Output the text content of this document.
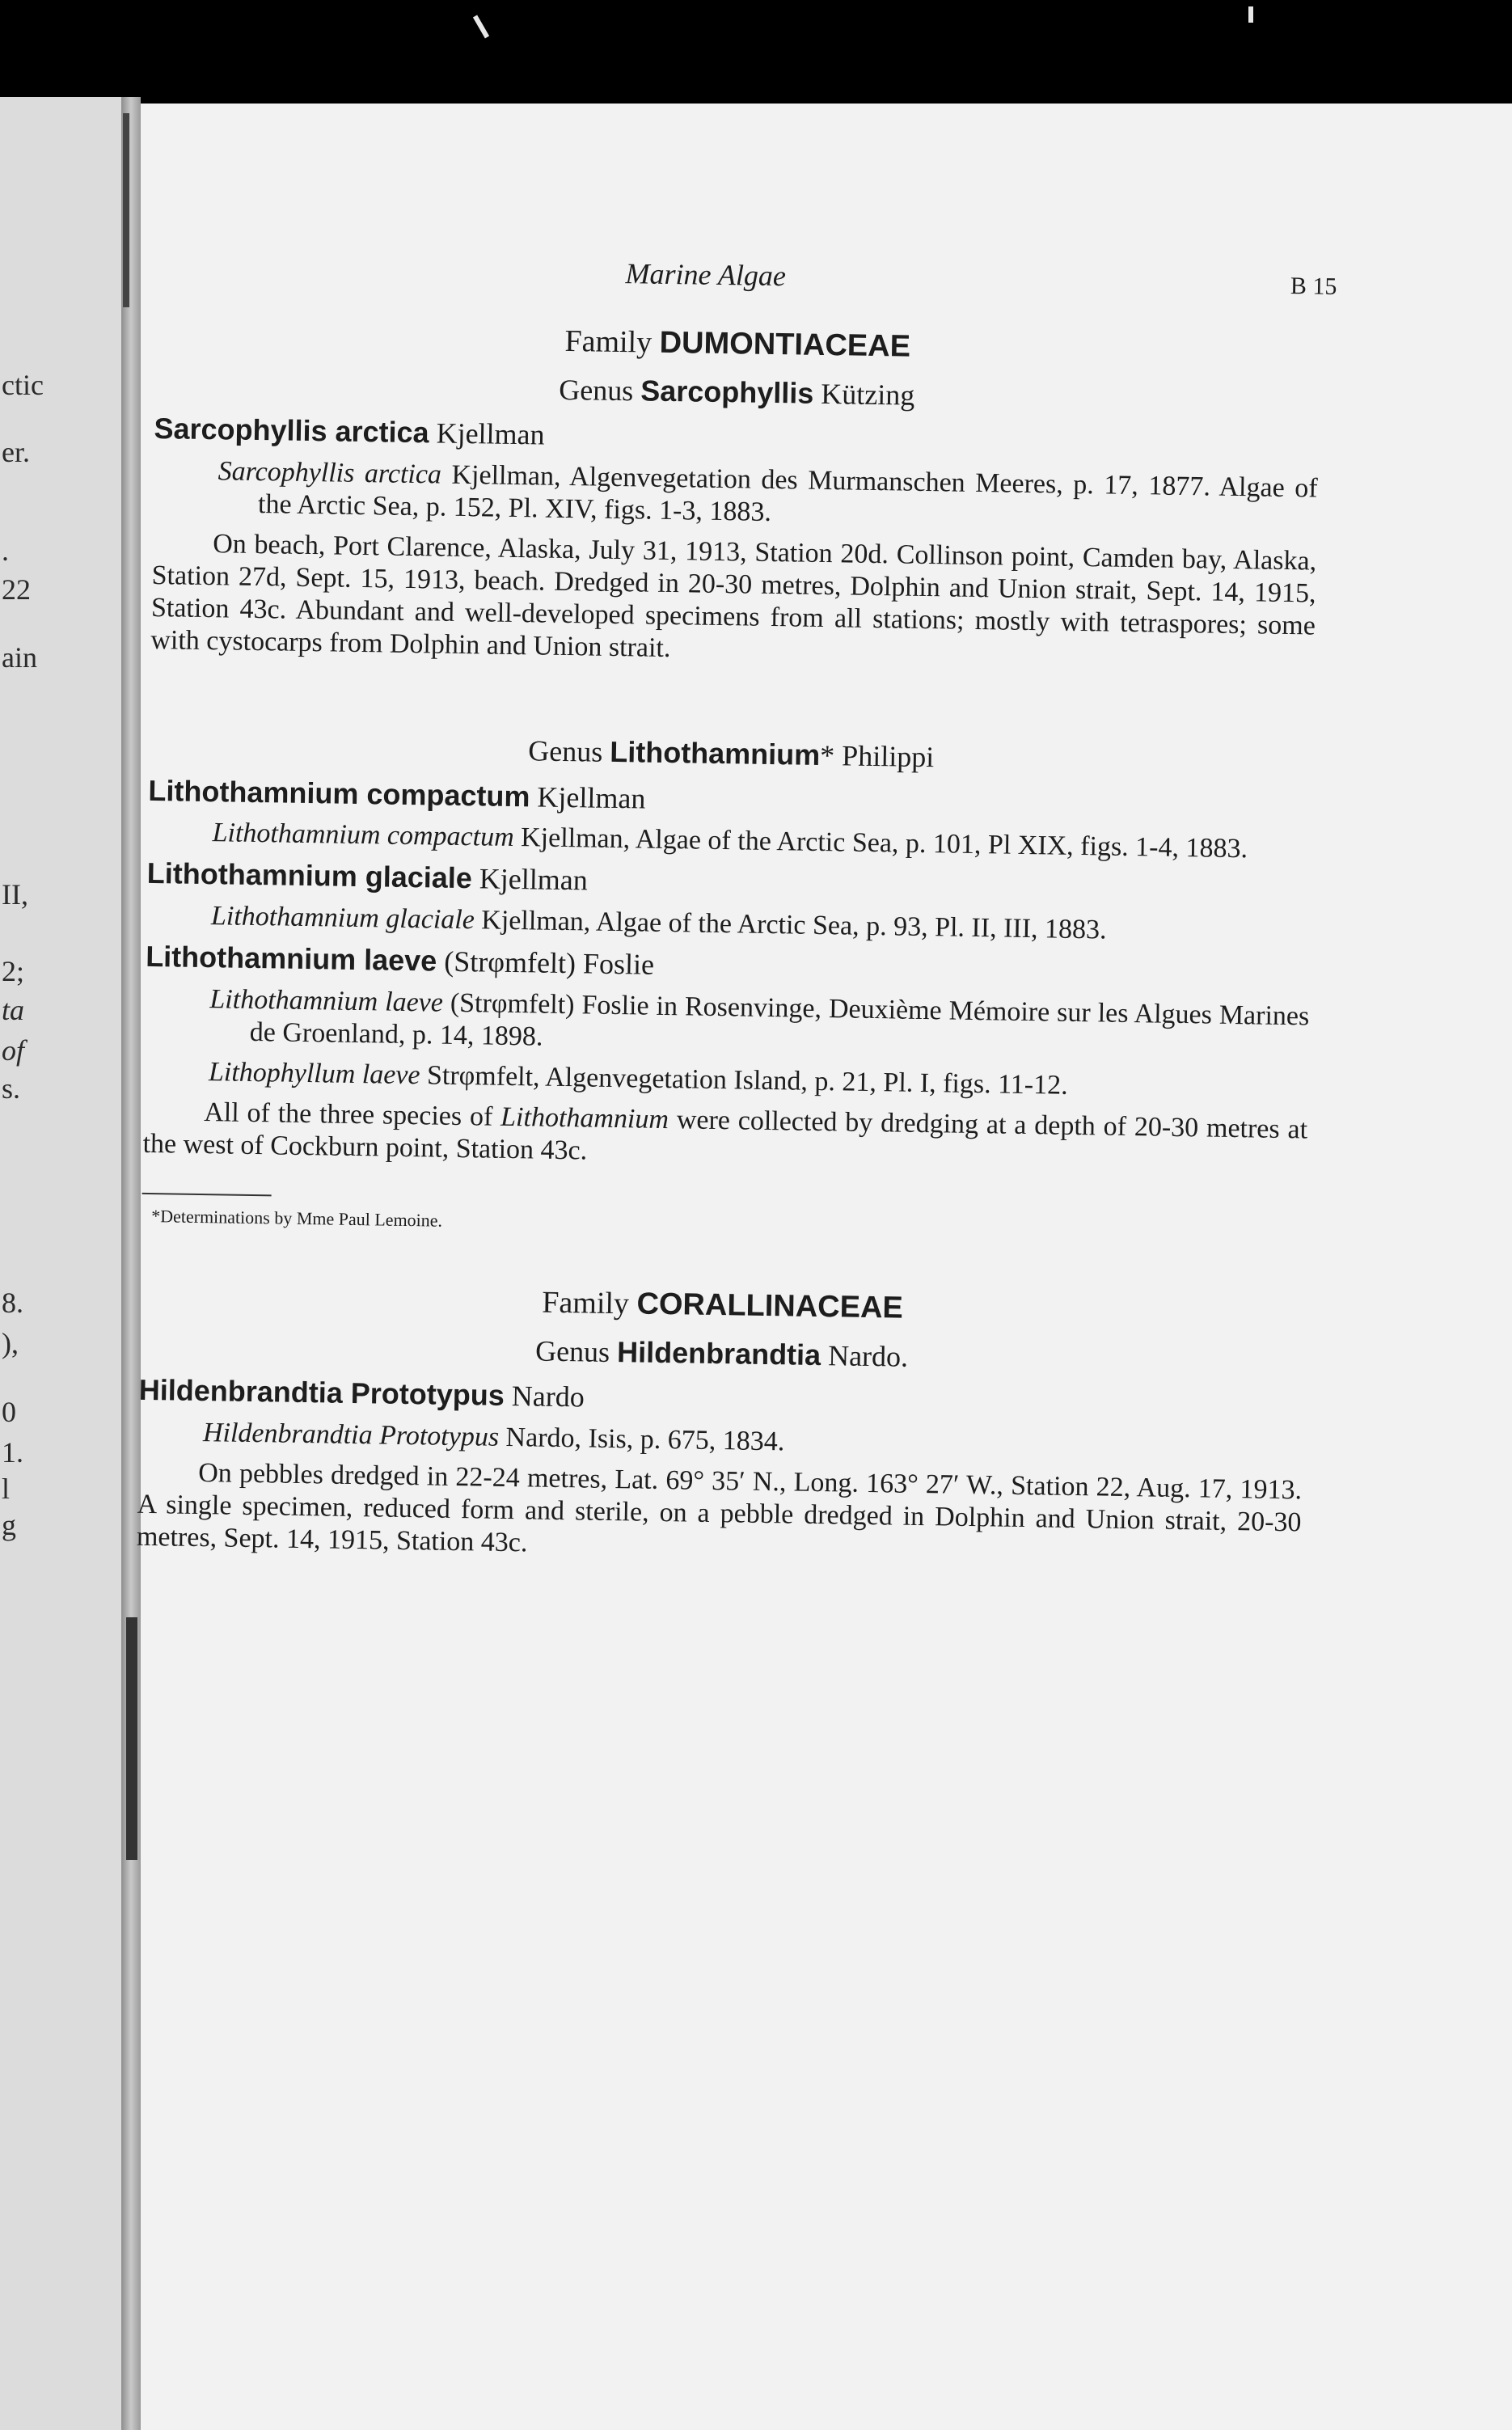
ctic
er.
.
22
ain
II,
2;
ta
of
s.
8.
),
0
1.
l
g
Marine Algae	B 15
Family DUMONTIACEAE
Genus Sarcophyllis Kützing
Sarcophyllis arctica Kjellman
Sarcophyllis arctica Kjellman, Algenvegetation des Murmanschen Meeres, p. 17, 1877. Algae of the Arctic Sea, p. 152, Pl. XIV, figs. 1-3, 1883.
On beach, Port Clarence, Alaska, July 31, 1913, Station 20d. Collinson point, Camden bay, Alaska, Station 27d, Sept. 15, 1913, beach. Dredged in 20-30 metres, Dolphin and Union strait, Sept. 14, 1915, Station 43c. Abundant and well-developed specimens from all stations; mostly with tetraspores; some with cystocarps from Dolphin and Union strait.
Genus Lithothamnium* Philippi
Lithothamnium compactum Kjellman
Lithothamnium compactum Kjellman, Algae of the Arctic Sea, p. 101, Pl XIX, figs. 1-4, 1883.
Lithothamnium glaciale Kjellman
Lithothamnium glaciale Kjellman, Algae of the Arctic Sea, p. 93, Pl. II, III, 1883.
Lithothamnium laeve (Strφmfelt) Foslie
Lithothamnium laeve (Strφmfelt) Foslie in Rosenvinge, Deuxième Mémoire sur les Algues Marines de Groenland, p. 14, 1898.
Lithophyllum laeve Strφmfelt, Algenvegetation Island, p. 21, Pl. I, figs. 11-12.
All of the three species of Lithothamnium were collected by dredging at a depth of 20-30 metres at the west of Cockburn point, Station 43c.
*Determinations by Mme Paul Lemoine.
Family CORALLINACEAE
Genus Hildenbrandtia Nardo.
Hildenbrandtia Prototypus Nardo
Hildenbrandtia Prototypus Nardo, Isis, p. 675, 1834.
On pebbles dredged in 22-24 metres, Lat. 69° 35′ N., Long. 163° 27′ W., Station 22, Aug. 17, 1913. A single specimen, reduced form and sterile, on a pebble dredged in Dolphin and Union strait, 20-30 metres, Sept. 14, 1915, Station 43c.
